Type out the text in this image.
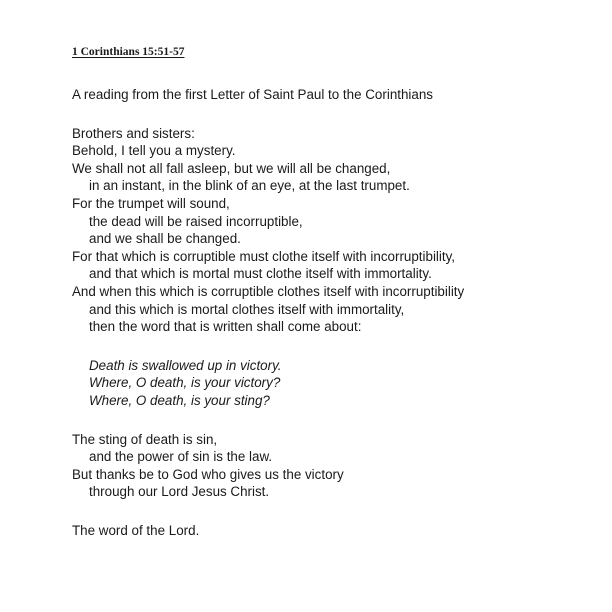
1 Corinthians 15:51-57

A reading from the first Letter of Saint Paul to the Corinthians

Brothers and sisters:
Behold, I tell you a mystery.
We shall not all fall asleep, but we will all be changed,
in an instant, in the blink of an eye, at the last trumpet.
For the trumpet will sound,
the dead will be raised incorruptible,
and we shall be changed.
For that which is corruptible must clothe itself with incorruptibility,
and that which is mortal must clothe itself with immortality.
And when this which is corruptible clothes itself with incorruptibility
and this which is mortal clothes itself with immortality,
then the word that is written shall come about:
Death is swallowed up in victory.
Where, O death, is your victory?
Where, O death, is your sting?
The sting of death is sin,
and the power of sin is the law.
But thanks be to God who gives us the victory
through our Lord Jesus Christ.

The word of the Lord.
